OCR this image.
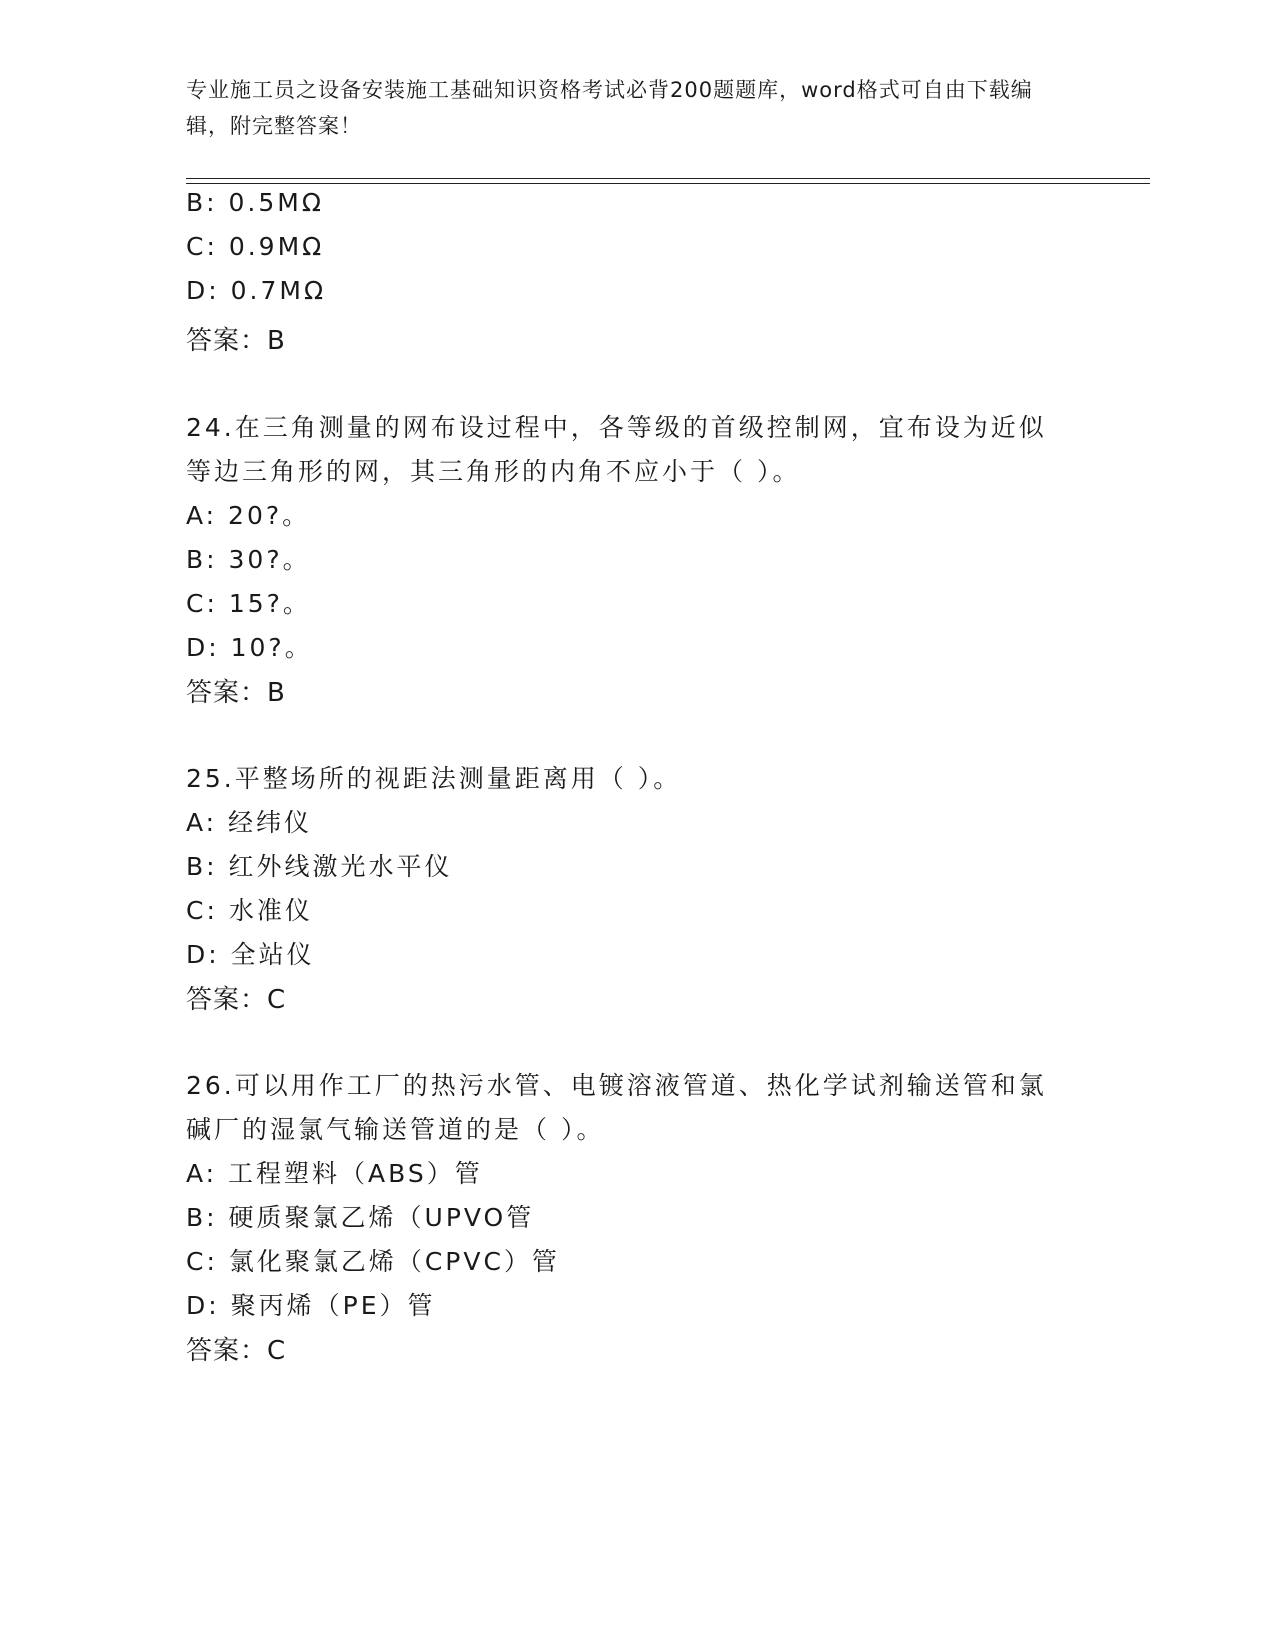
专业施工员之设备安装施工基础知识资格考试必背200题题库，word格式可自由下载编辑，附完整答案！
B: 0.5MΩ
C: 0.9MΩ
D: 0.7MΩ
答案：B
24.在三角测量的网布设过程中，各等级的首级控制网，宜布设为近似
等边三角形的网，其三角形的内角不应小于（ ）。
A: 20?。
B: 30?。
C: 15?。
D: 10?。
答案：B
25.平整场所的视距法测量距离用（ ）。
A: 经纬仪
B: 红外线激光水平仪
C: 水准仪
D: 全站仪
答案：C
26.可以用作工厂的热污水管、电镀溶液管道、热化学试剂输送管和氯
碱厂的湿氯气输送管道的是（ ）。
A: 工程塑料（ABS）管
B: 硬质聚氯乙烯（UPVO管
C: 氯化聚氯乙烯（CPVC）管
D: 聚丙烯（PE）管
答案：C
